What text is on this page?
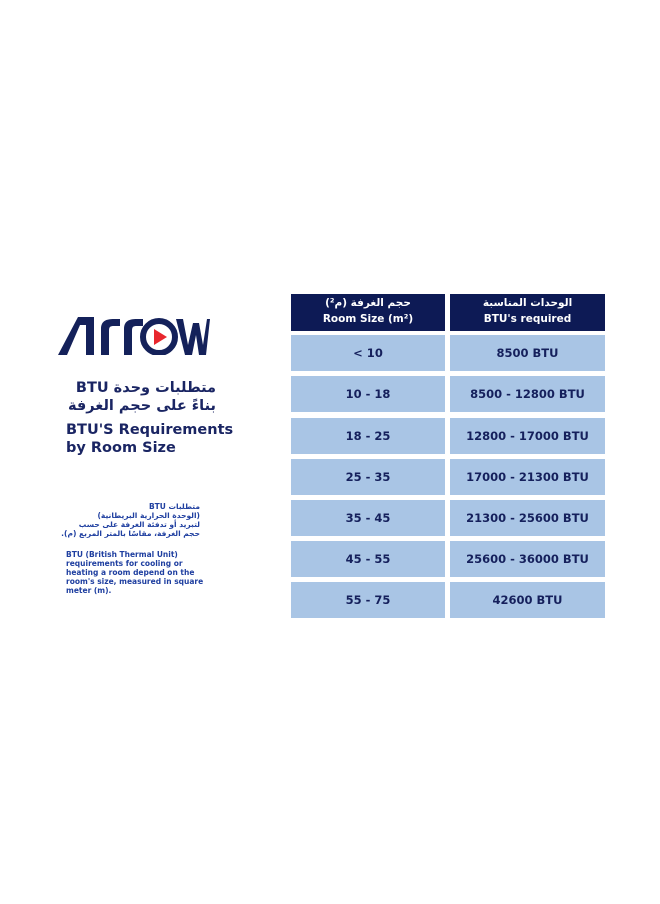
متطلبات وحدة BTU
بناءً على حجم الغرفة
BTU'S Requirements
by Room Size
متطلبات BTU
(الوحدة الحرارية البريطانية)
لتبريد أو تدفئة الغرفة على حسب
حجم الغرفة، مقاسًا بالمتر المربع (م).
BTU (British Thermal Unit)
requirements for cooling or
heating a room depend on the
room's size, measured in square
meter (m).
حجم الغرفة (م²)
Room Size (m²)
الوحدات المناسبة
BTU's required
< 10	8500 BTU
10 - 18	8500 - 12800 BTU
18 - 25	12800 - 17000 BTU
25 - 35	17000 - 21300 BTU
35 - 45	21300 - 25600 BTU
45 - 55	25600 - 36000 BTU
55 - 75	42600 BTU
